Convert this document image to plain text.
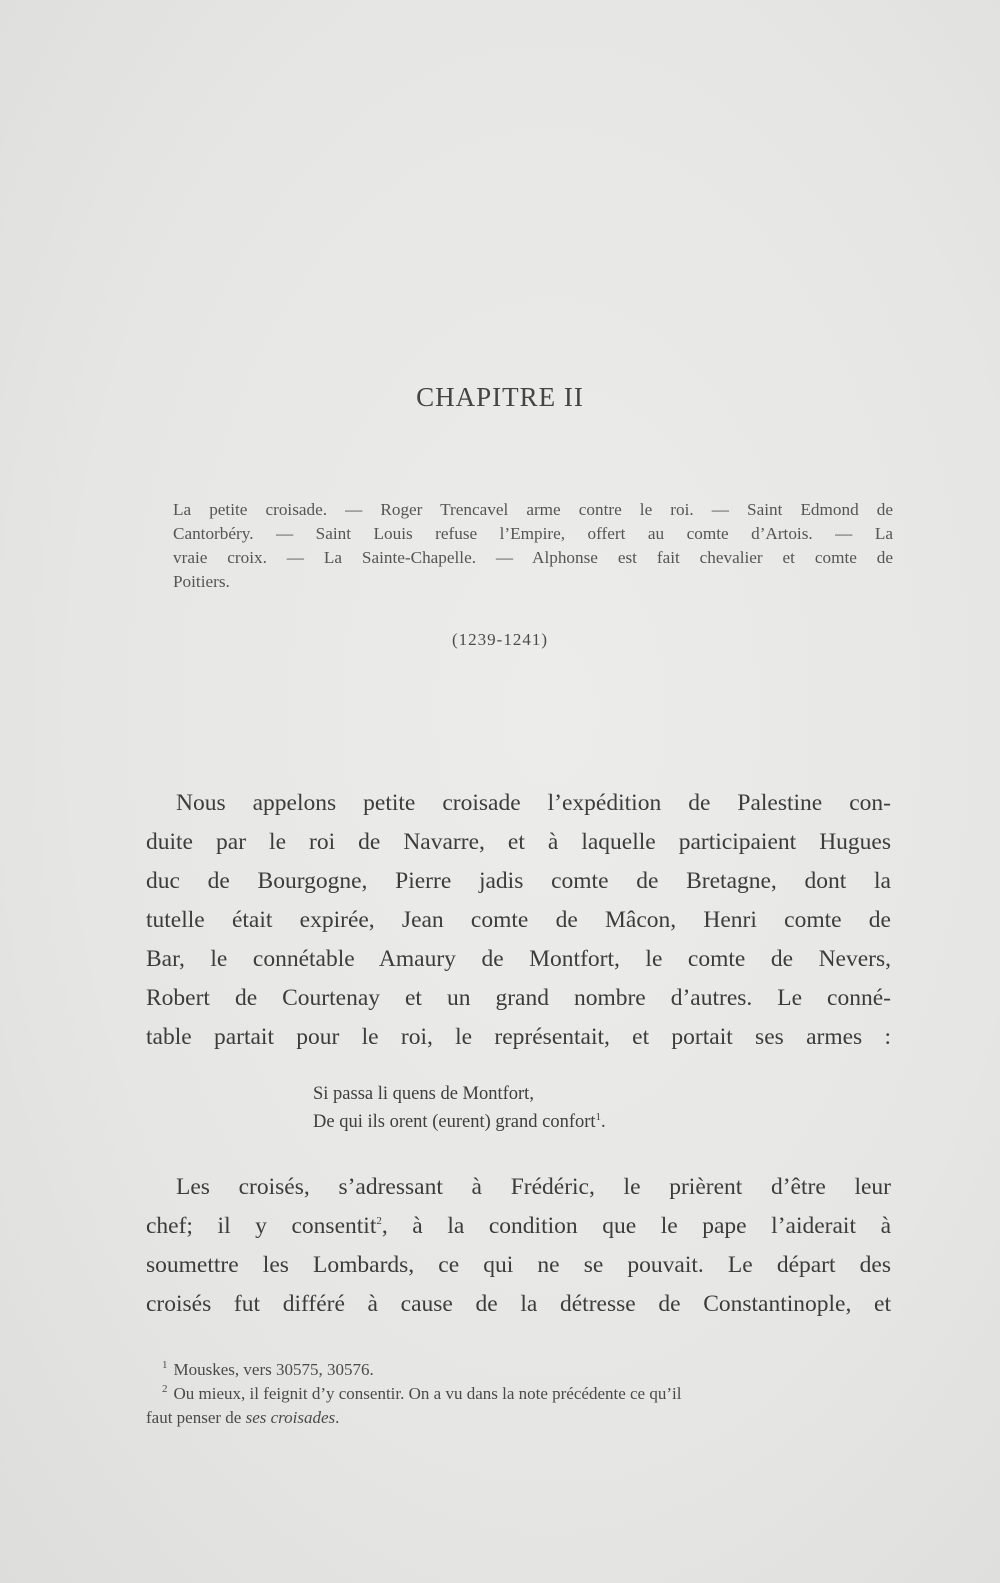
CHAPITRE II
La petite croisade. — Roger Trencavel arme contre le roi. — Saint Edmond de
Cantorbéry. — Saint Louis refuse l’Empire, offert au comte d’Artois. — La
vraie croix. — La Sainte-Chapelle. — Alphonse est fait chevalier et comte de
Poitiers.
(1239-1241)
Nous appelons petite croisade l’expédition de Palestine con-
duite par le roi de Navarre, et à laquelle participaient Hugues
duc de Bourgogne, Pierre jadis comte de Bretagne, dont la
tutelle était expirée, Jean comte de Mâcon, Henri comte de
Bar, le connétable Amaury de Montfort, le comte de Nevers,
Robert de Courtenay et un grand nombre d’autres. Le conné-
table partait pour le roi, le représentait, et portait ses armes :
Si passa li quens de Montfort,
De qui ils orent (eurent) grand confort$^1$.
Les croisés, s’adressant à Frédéric, le prièrent d’être leur
chef; il y consentit$^2$, à la condition que le pape l’aiderait à
soumettre les Lombards, ce qui ne se pouvait. Le départ des
croisés fut différé à cause de la détresse de Constantinople, et
$^1$ Mouskes, vers 30575, 30576.
$^2$ Ou mieux, il feignit d’y consentir. On a vu dans la note précédente ce qu’il
faut penser de ses croisades.
